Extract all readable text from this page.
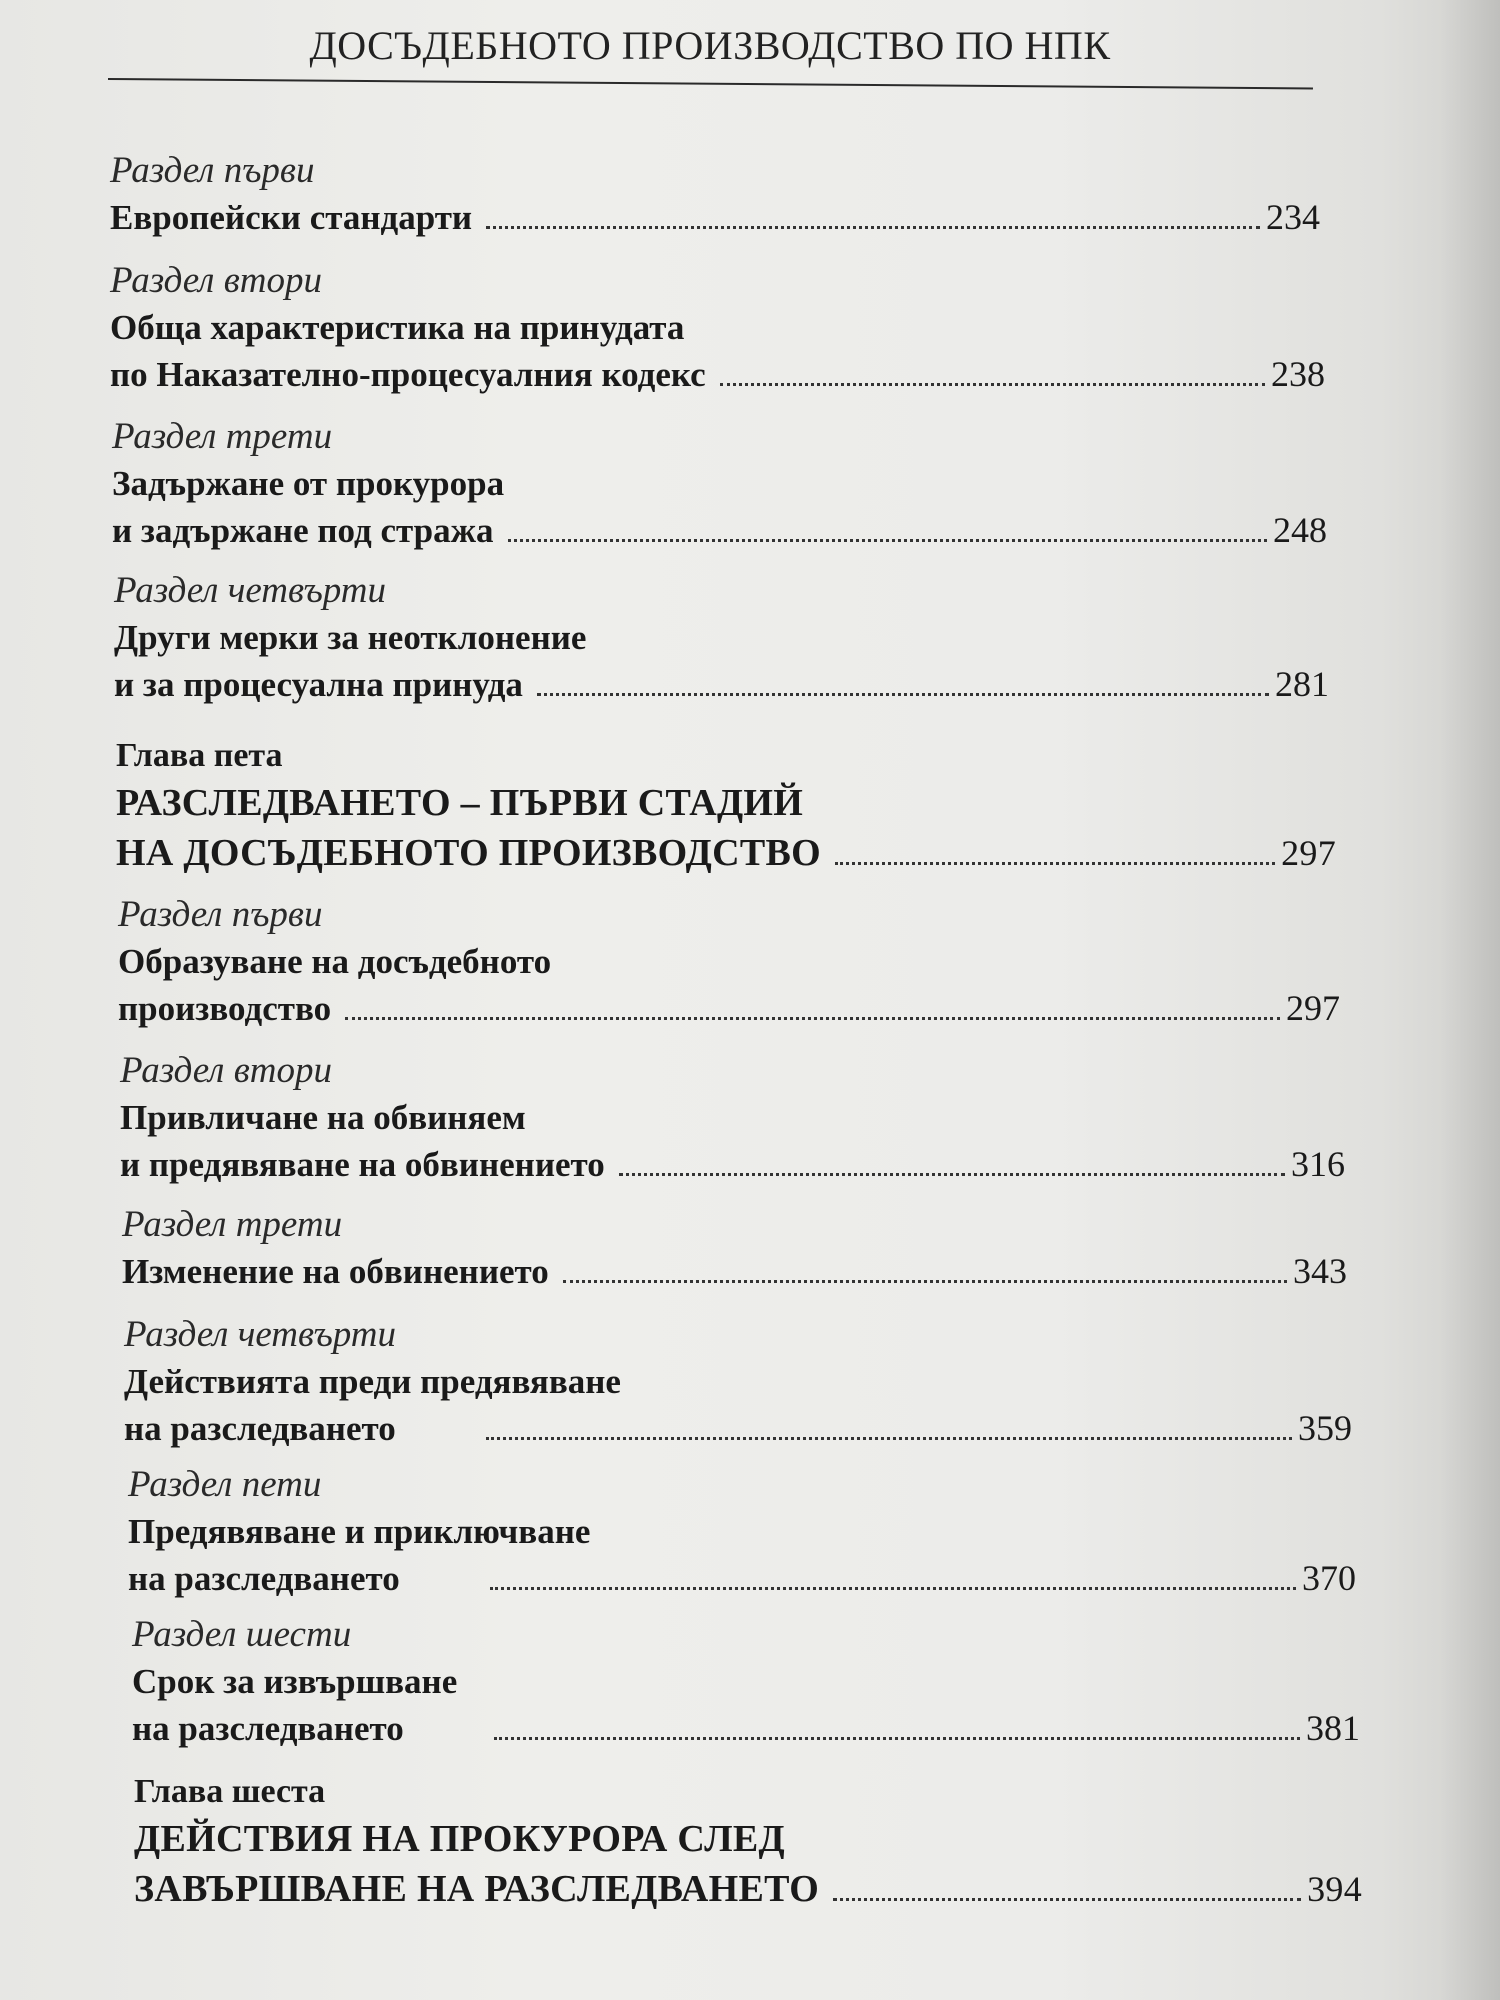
ДОСЪДЕБНОТО ПРОИЗВОДСТВО ПО НПК
Раздел първи
Европейски стандарти	234
Раздел втори
Обща характеристика на принудата
по Наказателно-процесуалния кодекс	238
Раздел трети
Задържане от прокурора
и задържане под стража	248
Раздел четвърти
Други мерки за неотклонение
и за процесуална принуда	281
Глава пета
РАЗСЛЕДВАНЕТО – ПЪРВИ СТАДИЙ
НА ДОСЪДЕБНОТО ПРОИЗВОДСТВО	297
Раздел първи
Образуване на досъдебното
производство	297
Раздел втори
Привличане на обвиняем
и предявяване на обвинението	316
Раздел трети
Изменение на обвинението	343
Раздел четвърти
Действията преди предявяване
на разследването	359
Раздел пети
Предявяване и приключване
на разследването	370
Раздел шести
Срок за извършване
на разследването	381
Глава шеста
ДЕЙСТВИЯ НА ПРОКУРОРА СЛЕД
ЗАВЪРШВАНЕ НА РАЗСЛЕДВАНЕТО	394
